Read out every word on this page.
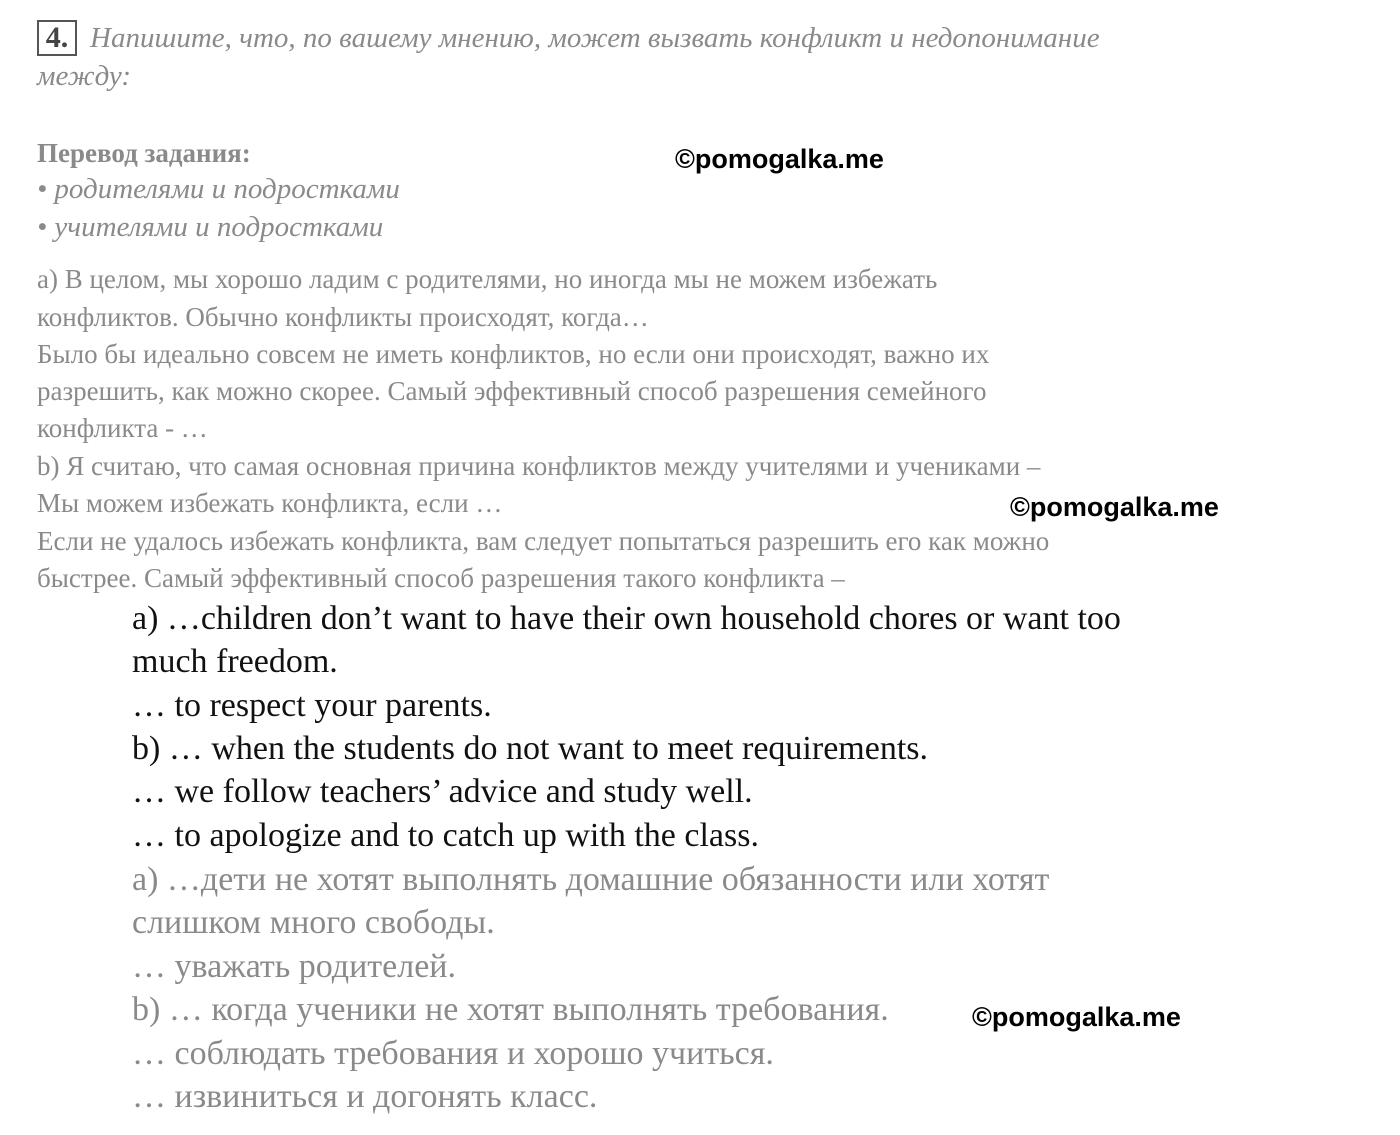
4. Напишите, что, по вашему мнению, может вызвать конфликт и недопонимание
между:
Перевод задания:
• родителями и подростками
• учителями и подростками
©pomogalka.me
а) В целом, мы хорошо ладим с родителями, но иногда мы не можем избежать
конфликтов. Обычно конфликты происходят, когда…
Было бы идеально совсем не иметь конфликтов, но если они происходят, важно их
разрешить, как можно скорее. Самый эффективный способ разрешения семейного
конфликта - …
b) Я считаю, что самая основная причина конфликтов между учителями и учениками –
Мы можем избежать конфликта, если …
Если не удалось избежать конфликта, вам следует попытаться разрешить его как можно
быстрее. Самый эффективный способ разрешения такого конфликта –
©pomogalka.me
a) …children don’t want to have their own household chores or want too
much freedom.
… to respect your parents.
b) … when the students do not want to meet requirements.
… we follow teachers’ advice and study well.
… to apologize and to catch up with the class.
а) …дети не хотят выполнять домашние обязанности или хотят
слишком много свободы.
… уважать родителей.
b) … когда ученики не хотят выполнять требования.
… соблюдать требования и хорошо учиться.
… извиниться и догонять класс.
©pomogalka.me
